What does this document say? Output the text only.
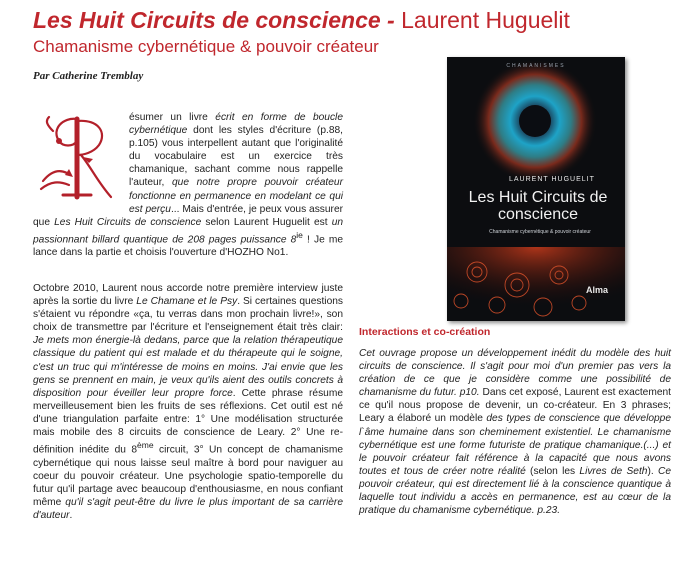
Les Huit Circuits de conscience - Laurent Huguelit
Chamanisme cybernétique & pouvoir créateur
Par Catherine Tremblay

ésumer un livre écrit en forme de boucle cybernétique dont les styles d'écriture (p.88, p.105) vous interpellent autant que l'originalité du vocabulaire est un exercice très chamanique, sachant comme nous rappelle l'auteur, que notre propre pouvoir créateur fonctionne en permanence en modelant ce qui est perçu... Mais d'entrée, je peux vous assurer que Les Huit Circuits de conscience selon Laurent Huguelit est un passionnant billard quantique de 208 pages puissance $8^{ie}$ ! Je me lance dans la partie et choisis l'ouverture d'HOZHO No1.

Octobre 2010, Laurent nous accorde notre première interview juste après la sortie du livre Le Chamane et le Psy. Si certaines questions s'étaient vu répondre «ça, tu verras dans mon prochain livre!», son choix de transmettre par l'écriture et l'enseignement était très clair: Je mets mon énergie-là dedans, parce que la relation thérapeutique classique du patient qui est malade et du thérapeute qui le soigne, c'est un truc qui m'intéresse de moins en moins. J'ai envie que les gens se prennent en main, je veux qu'ils aient des outils concrets à disposition pour éveiller leur propre force. Cette phrase résume merveilleusement bien les fruits de ses réflexions. Cet outil est né d'une triangulation parfaite entre: 1° Une modélisation structurée mais mobile des 8 circuits de conscience de Leary. 2° Une re-définition inédite du 8ème circuit, 3° Un concept de chamanisme cybernétique qui nous laisse seul maître à bord pour naviguer au coeur du pouvoir créateur. Une psychologie spatio-temporelle du futur qu'il partage avec beaucoup d'enthousiasme, en nous confiant même qu'il s'agit peut-être du livre le plus important de sa carrière d'auteur.

CHAMANISMES
LAURENT HUGUELIT
Les Huit Circuits de conscience
Chamanisme cybernétique & pouvoir créateur
Alma
Interactions et co-création

Cet ouvrage propose un développement inédit du modèle des huit circuits de conscience. Il s'agit pour moi d'un premier pas vers la création de ce que je considère comme une possibilité de chamanisme du futur. p10. Dans cet exposé, Laurent est exactement ce qu'il nous propose de devenir, un co-créateur. En 3 phrases; Leary a élaboré un modèle des types de conscience que développe l`âme humaine dans son cheminement existentiel. Le chamanisme cybernétique est une forme futuriste de pratique chamanique.(...) et le pouvoir créateur fait référence à la capacité que nous avons toutes et tous de créer notre réalité (selon les Livres de Seth). Ce pouvoir créateur, qui est directement lié à la conscience quantique à laquelle tout individu a accès en permanence, est au cœur de la pratique du chamanisme cybernétique. p.23.
